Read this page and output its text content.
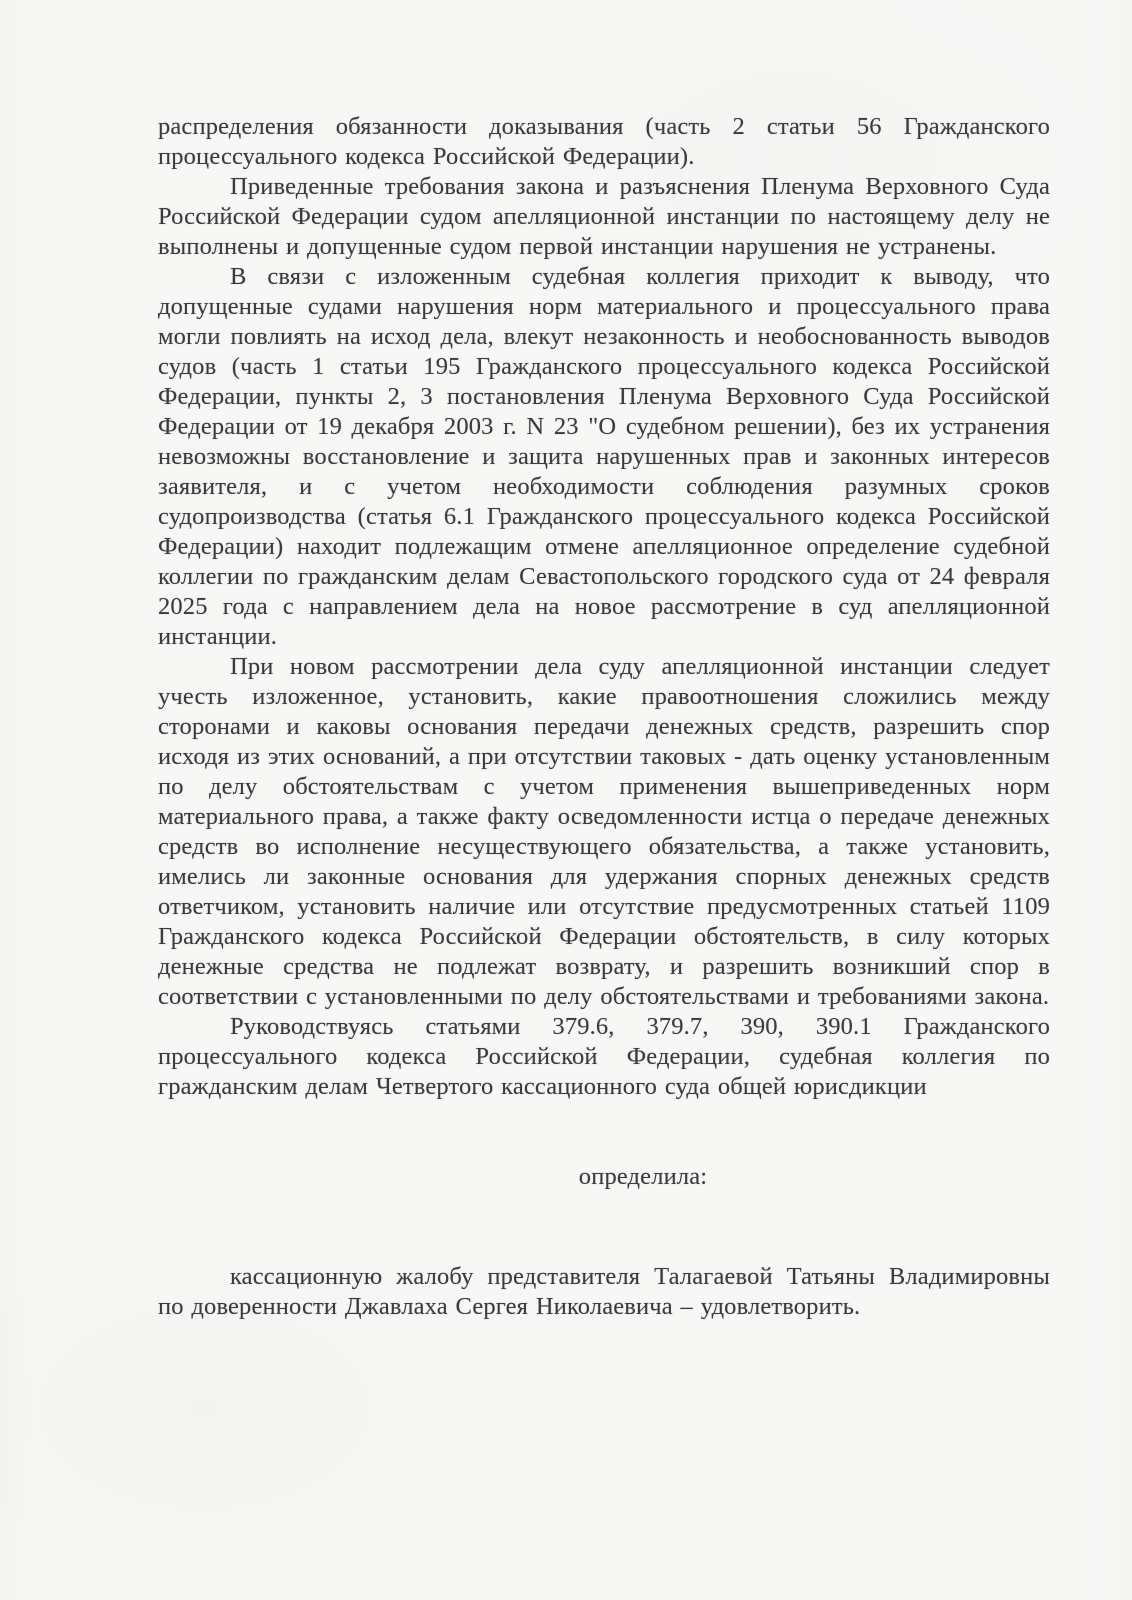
распределения обязанности доказывания (часть 2 статьи 56 Гражданского процессуального кодекса Российской Федерации).

Приведенные требования закона и разъяснения Пленума Верховного Суда Российской Федерации судом апелляционной инстанции по настоящему делу не выполнены и допущенные судом первой инстанции нарушения не устранены.

В связи с изложенным судебная коллегия приходит к выводу, что допущенные судами нарушения норм материального и процессуального права могли повлиять на исход дела, влекут незаконность и необоснованность выводов судов (часть 1 статьи 195 Гражданского процессуального кодекса Российской Федерации, пункты 2, 3 постановления Пленума Верховного Суда Российской Федерации от 19 декабря 2003 г. N 23 "О судебном решении), без их устранения невозможны восстановление и защита нарушенных прав и законных интересов заявителя, и с учетом необходимости соблюдения разумных сроков судопроизводства (статья 6.1 Гражданского процессуального кодекса Российской Федерации) находит подлежащим отмене апелляционное определение судебной коллегии по гражданским делам Севастопольского городского суда от 24 февраля 2025 года с направлением дела на новое рассмотрение в суд апелляционной инстанции.

При новом рассмотрении дела суду апелляционной инстанции следует учесть изложенное, установить, какие правоотношения сложились между сторонами и каковы основания передачи денежных средств, разрешить спор исходя из этих оснований, а при отсутствии таковых - дать оценку установленным по делу обстоятельствам с учетом применения вышеприведенных норм материального права, а также факту осведомленности истца о передаче денежных средств во исполнение несуществующего обязательства, а также установить, имелись ли законные основания для удержания спорных денежных средств ответчиком, установить наличие или отсутствие предусмотренных статьей 1109 Гражданского кодекса Российской Федерации обстоятельств, в силу которых денежные средства не подлежат возврату, и разрешить возникший спор в соответствии с установленными по делу обстоятельствами и требованиями закона.

Руководствуясь статьями 379.6, 379.7, 390, 390.1 Гражданского процессуального кодекса Российской Федерации, судебная коллегия по гражданским делам Четвертого кассационного суда общей юрисдикции

определила:

кассационную жалобу представителя Талагаевой Татьяны Владимировны по доверенности Джавлаха Сергея Николаевича – удовлетворить.
